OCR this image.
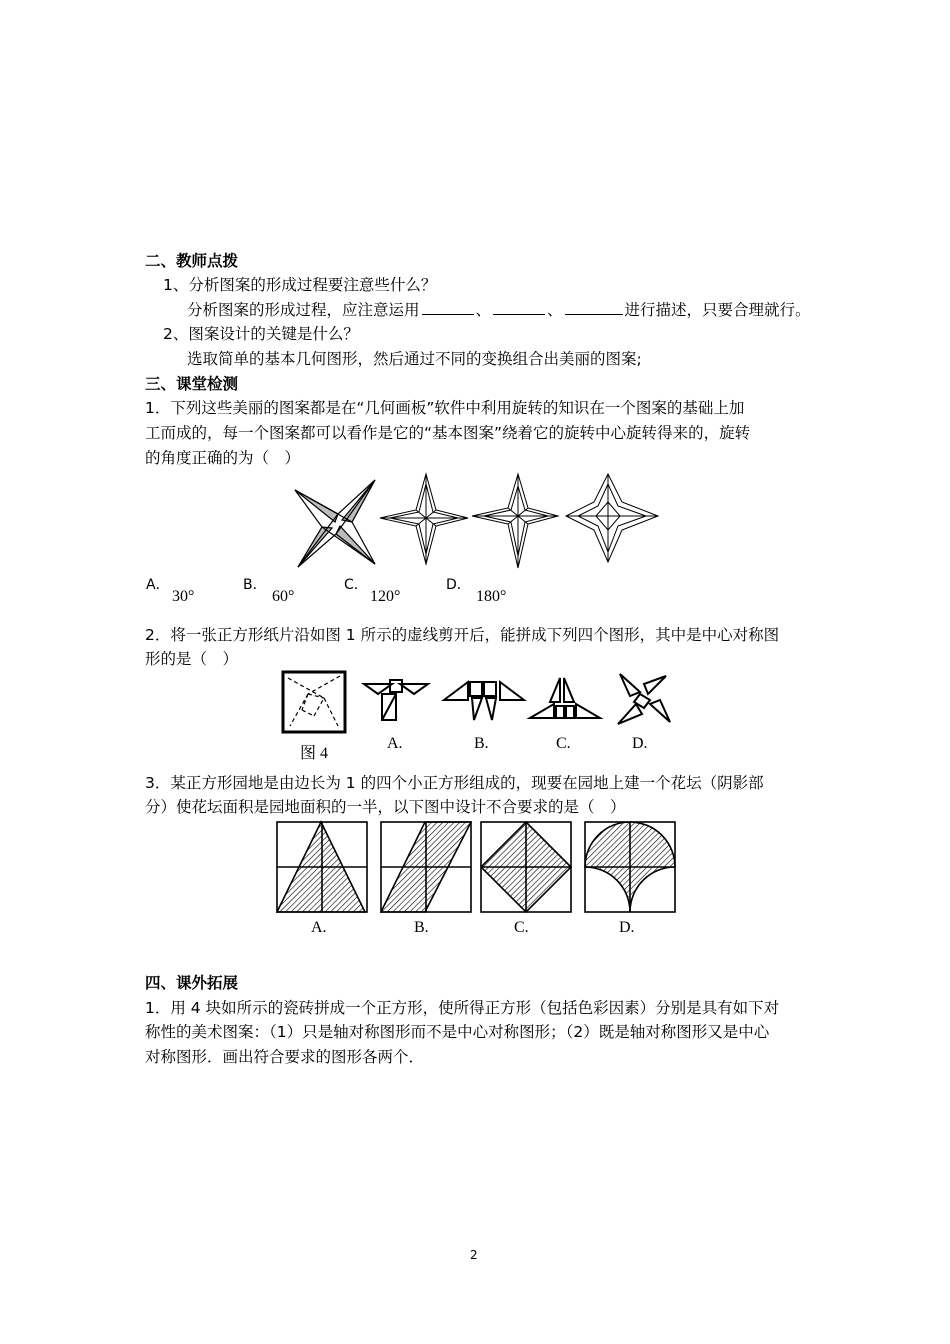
二、教师点拨
1、分析图案的形成过程要注意些什么？
分析图案的形成过程，应注意运用	、	、	进行描述，只要合理就行。
2、图案设计的关键是什么？
选取简单的基本几何图形，然后通过不同的变换组合出美丽的图案;
三、课堂检测
1．下列这些美丽的图案都是在“几何画板”软件中利用旋转的知识在一个图案的基础上加
工而成的，每一个图案都可以看作是它的“基本图案”绕着它的旋转中心旋转得来的，旋转
的角度正确的为（　）
A．
30°
B．
60°
C．
120°
D．
180°
2．将一张正方形纸片沿如图 1 所示的虚线剪开后，能拼成下列四个图形，其中是中心对称图
形的是（　）
图 4
A.	B.	C.	D.
3．某正方形园地是由边长为 1 的四个小正方形组成的，现要在园地上建一个花坛（阴影部
分）使花坛面积是园地面积的一半，以下图中设计不合要求的是（　）
A.	B.	C.	D.
四、课外拓展
1．用 4 块如所示的瓷砖拼成一个正方形，使所得正方形（包括色彩因素）分别是具有如下对
称性的美术图案：（1）只是轴对称图形而不是中心对称图形；（2）既是轴对称图形又是中心
对称图形．画出符合要求的图形各两个．
2
